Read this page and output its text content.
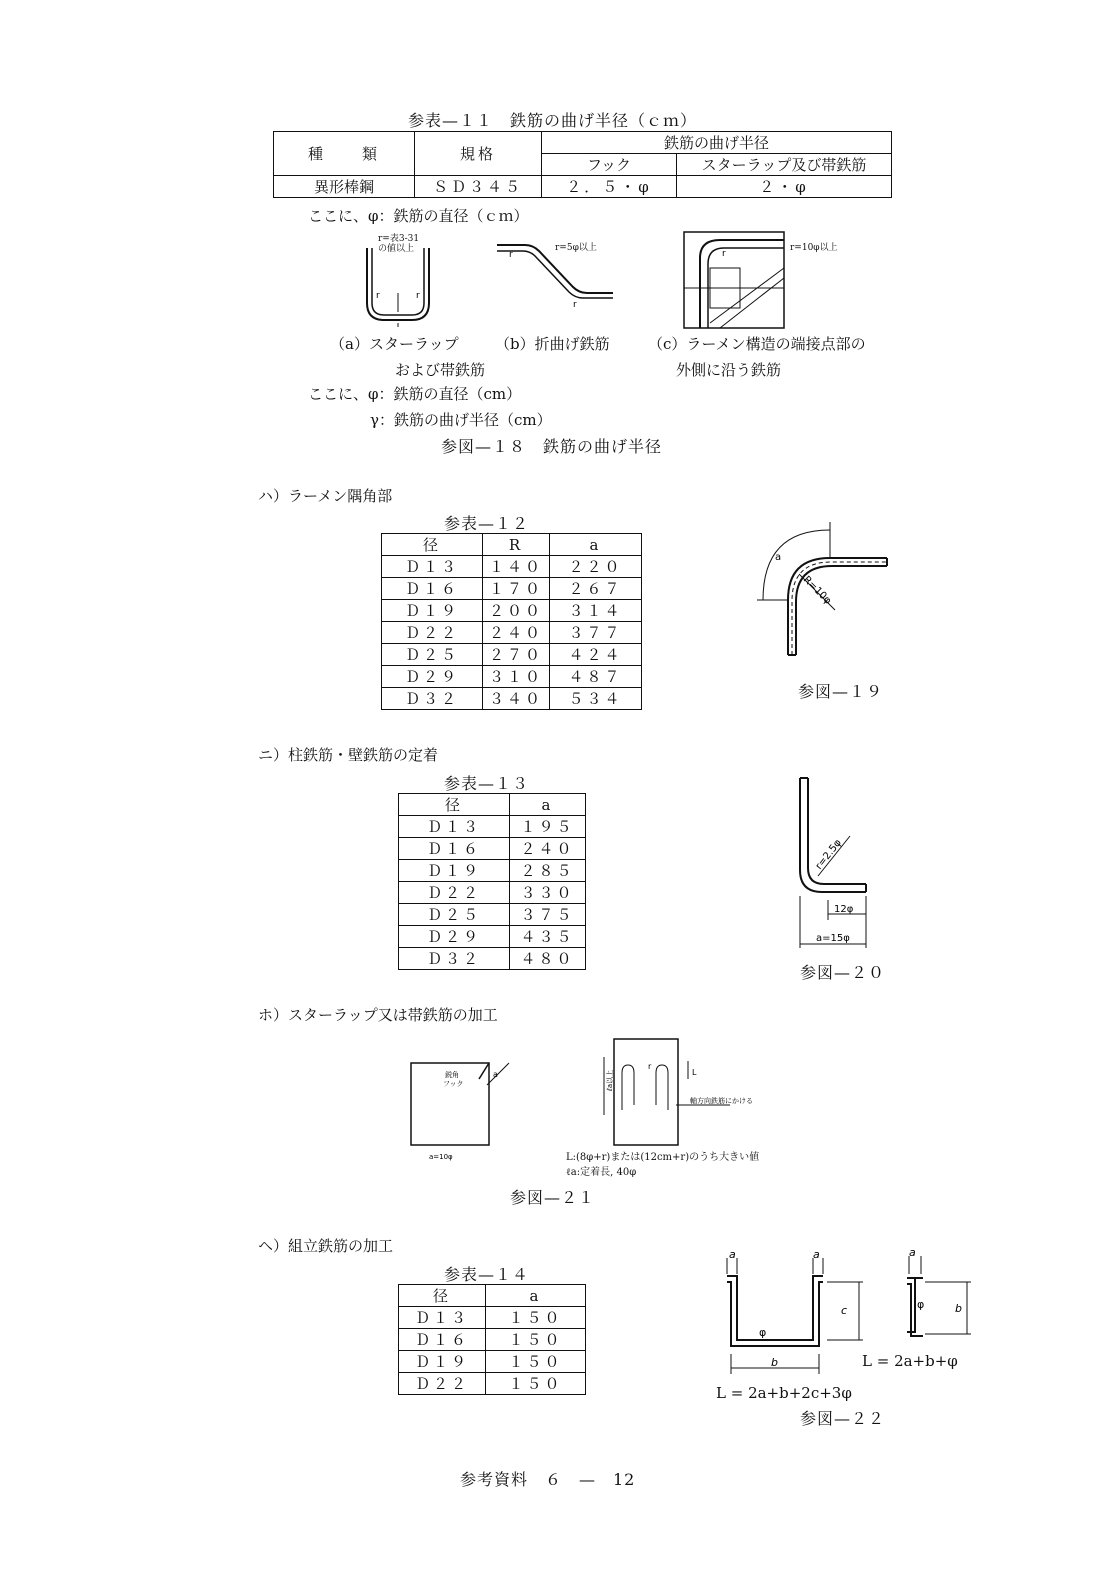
参表—１１　鉄筋の曲げ半径（ｃｍ）
種　　類	規格	鉄筋の曲げ半径	
		フック	スターラップ及び帯鉄筋
異形棒鋼	ＳＤ３４５	２．５・φ	２・φ
ここに、φ：鉄筋の直径（ｃｍ）
r	r
r=表3-31
の値以上
r
r
r=5φ以上
r
r=10φ以上
（a）スターラップ
および帯鉄筋
（b）折曲げ鉄筋	（c）ラーメン構造の端接点部の
外側に沿う鉄筋
ここに、φ：鉄筋の直径（cm）
γ：鉄筋の曲げ半径（cm）
参図—１８　鉄筋の曲げ半径
ハ）ラーメン隅角部
参表—１２
径	R	a
Ｄ１３	１４０	２２０
Ｄ１６	１７０	２６７
Ｄ１９	２００	３１４
Ｄ２２	２４０	３７７
Ｄ２５	２７０	４２４
Ｄ２９	３１０	４８７
Ｄ３２	３４０	５３４
a
R=10φ
参図—１９
ニ）柱鉄筋・壁鉄筋の定着
参表—１３
径	a
Ｄ１３	１９５
Ｄ１６	２４０
Ｄ１９	２８５
Ｄ２２	３３０
Ｄ２５	３７５
Ｄ２９	４３５
Ｄ３２	４８０
r=2.5φ
12φ
a=15φ
参図—２０
ホ）スターラップ又は帯鉄筋の加工
鋭角
フック
a
a=10φ
r
L
ℓa以上
軸方向鉄筋にかける
L:(8φ+r)または(12cm+r)のうち大きい値
ℓa:定着長, 40φ
参図—２１
ヘ）組立鉄筋の加工
参表—１４
径	a
Ｄ１３	１５０
Ｄ１６	１５０
Ｄ１９	１５０
Ｄ２２	１５０
a	a
c
b
φ
a
b
φ
L = 2a+b+φ
L = 2a+b+2c+3φ
参図—２２
参考資料　６　—　12
